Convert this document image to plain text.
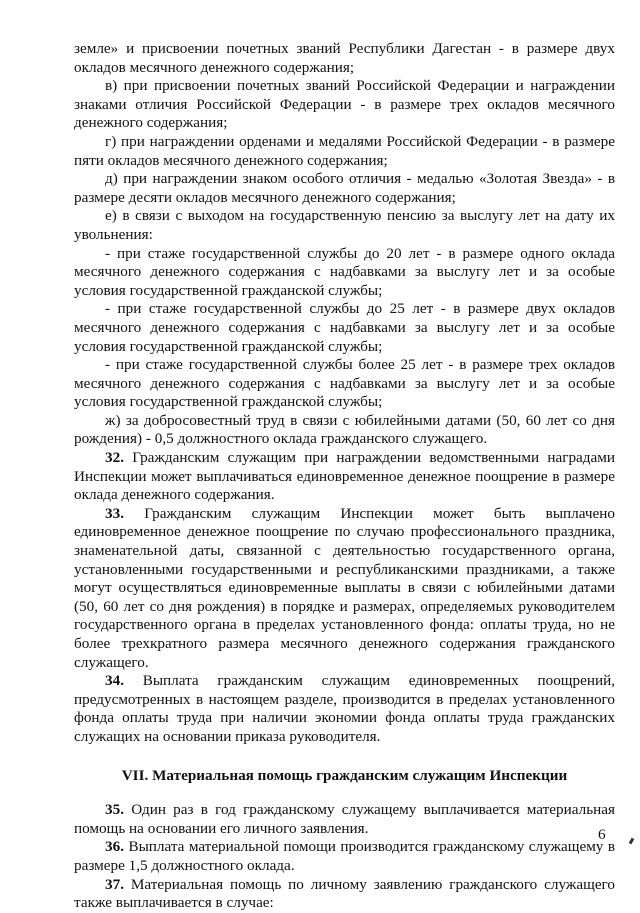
земле» и присвоении почетных званий Республики Дагестан - в размере двух окладов месячного денежного содержания;

в) при присвоении почетных званий Российской Федерации и награждении знаками отличия Российской Федерации - в размере трех окладов месячного денежного содержания;

г) при награждении орденами и медалями Российской Федерации - в размере пяти окладов месячного денежного содержания;

д) при награждении знаком особого отличия - медалью «Золотая Звезда» - в размере десяти окладов месячного денежного содержания;

е) в связи с выходом на государственную пенсию за выслугу лет на дату их увольнения:

- при стаже государственной службы до 20 лет - в размере одного оклада месячного денежного содержания с надбавками за выслугу лет и за особые условия государственной гражданской службы;

- при стаже государственной службы до 25 лет - в размере двух окладов месячного денежного содержания с надбавками за выслугу лет и за особые условия государственной гражданской службы;

- при стаже государственной службы более 25 лет - в размере трех окладов месячного денежного содержания с надбавками за выслугу лет и за особые условия государственной гражданской службы;

ж) за добросовестный труд в связи с юбилейными датами (50, 60 лет со дня рождения) - 0,5 должностного оклада гражданского служащего.

32. Гражданским служащим при награждении ведомственными наградами Инспекции может выплачиваться единовременное денежное поощрение в размере оклада денежного содержания.

33. Гражданским служащим Инспекции может быть выплачено единовременное денежное поощрение по случаю профессионального праздника, знаменательной даты, связанной с деятельностью государственного органа, установленными государственными и республиканскими праздниками, а также могут осуществляться единовременные выплаты в связи с юбилейными датами (50, 60 лет со дня рождения) в порядке и размерах, определяемых руководителем государственного органа в пределах установленного фонда: оплаты труда, но не более трехкратного размера месячного денежного содержания гражданского служащего.

34. Выплата гражданским служащим единовременных поощрений, предусмотренных в настоящем разделе, производится в пределах установленного фонда оплаты труда при наличии экономии фонда оплаты труда гражданских служащих на основании приказа руководителя.

VII. Материальная помощь гражданским служащим Инспекции

35. Один раз в год гражданскому служащему выплачивается материальная помощь на основании его личного заявления.

36. Выплата материальной помощи производится гражданскому служащему в размере 1,5 должностного оклада.

37. Материальная помощь по личному заявлению гражданского служащего также выплачивается в случае:

6
